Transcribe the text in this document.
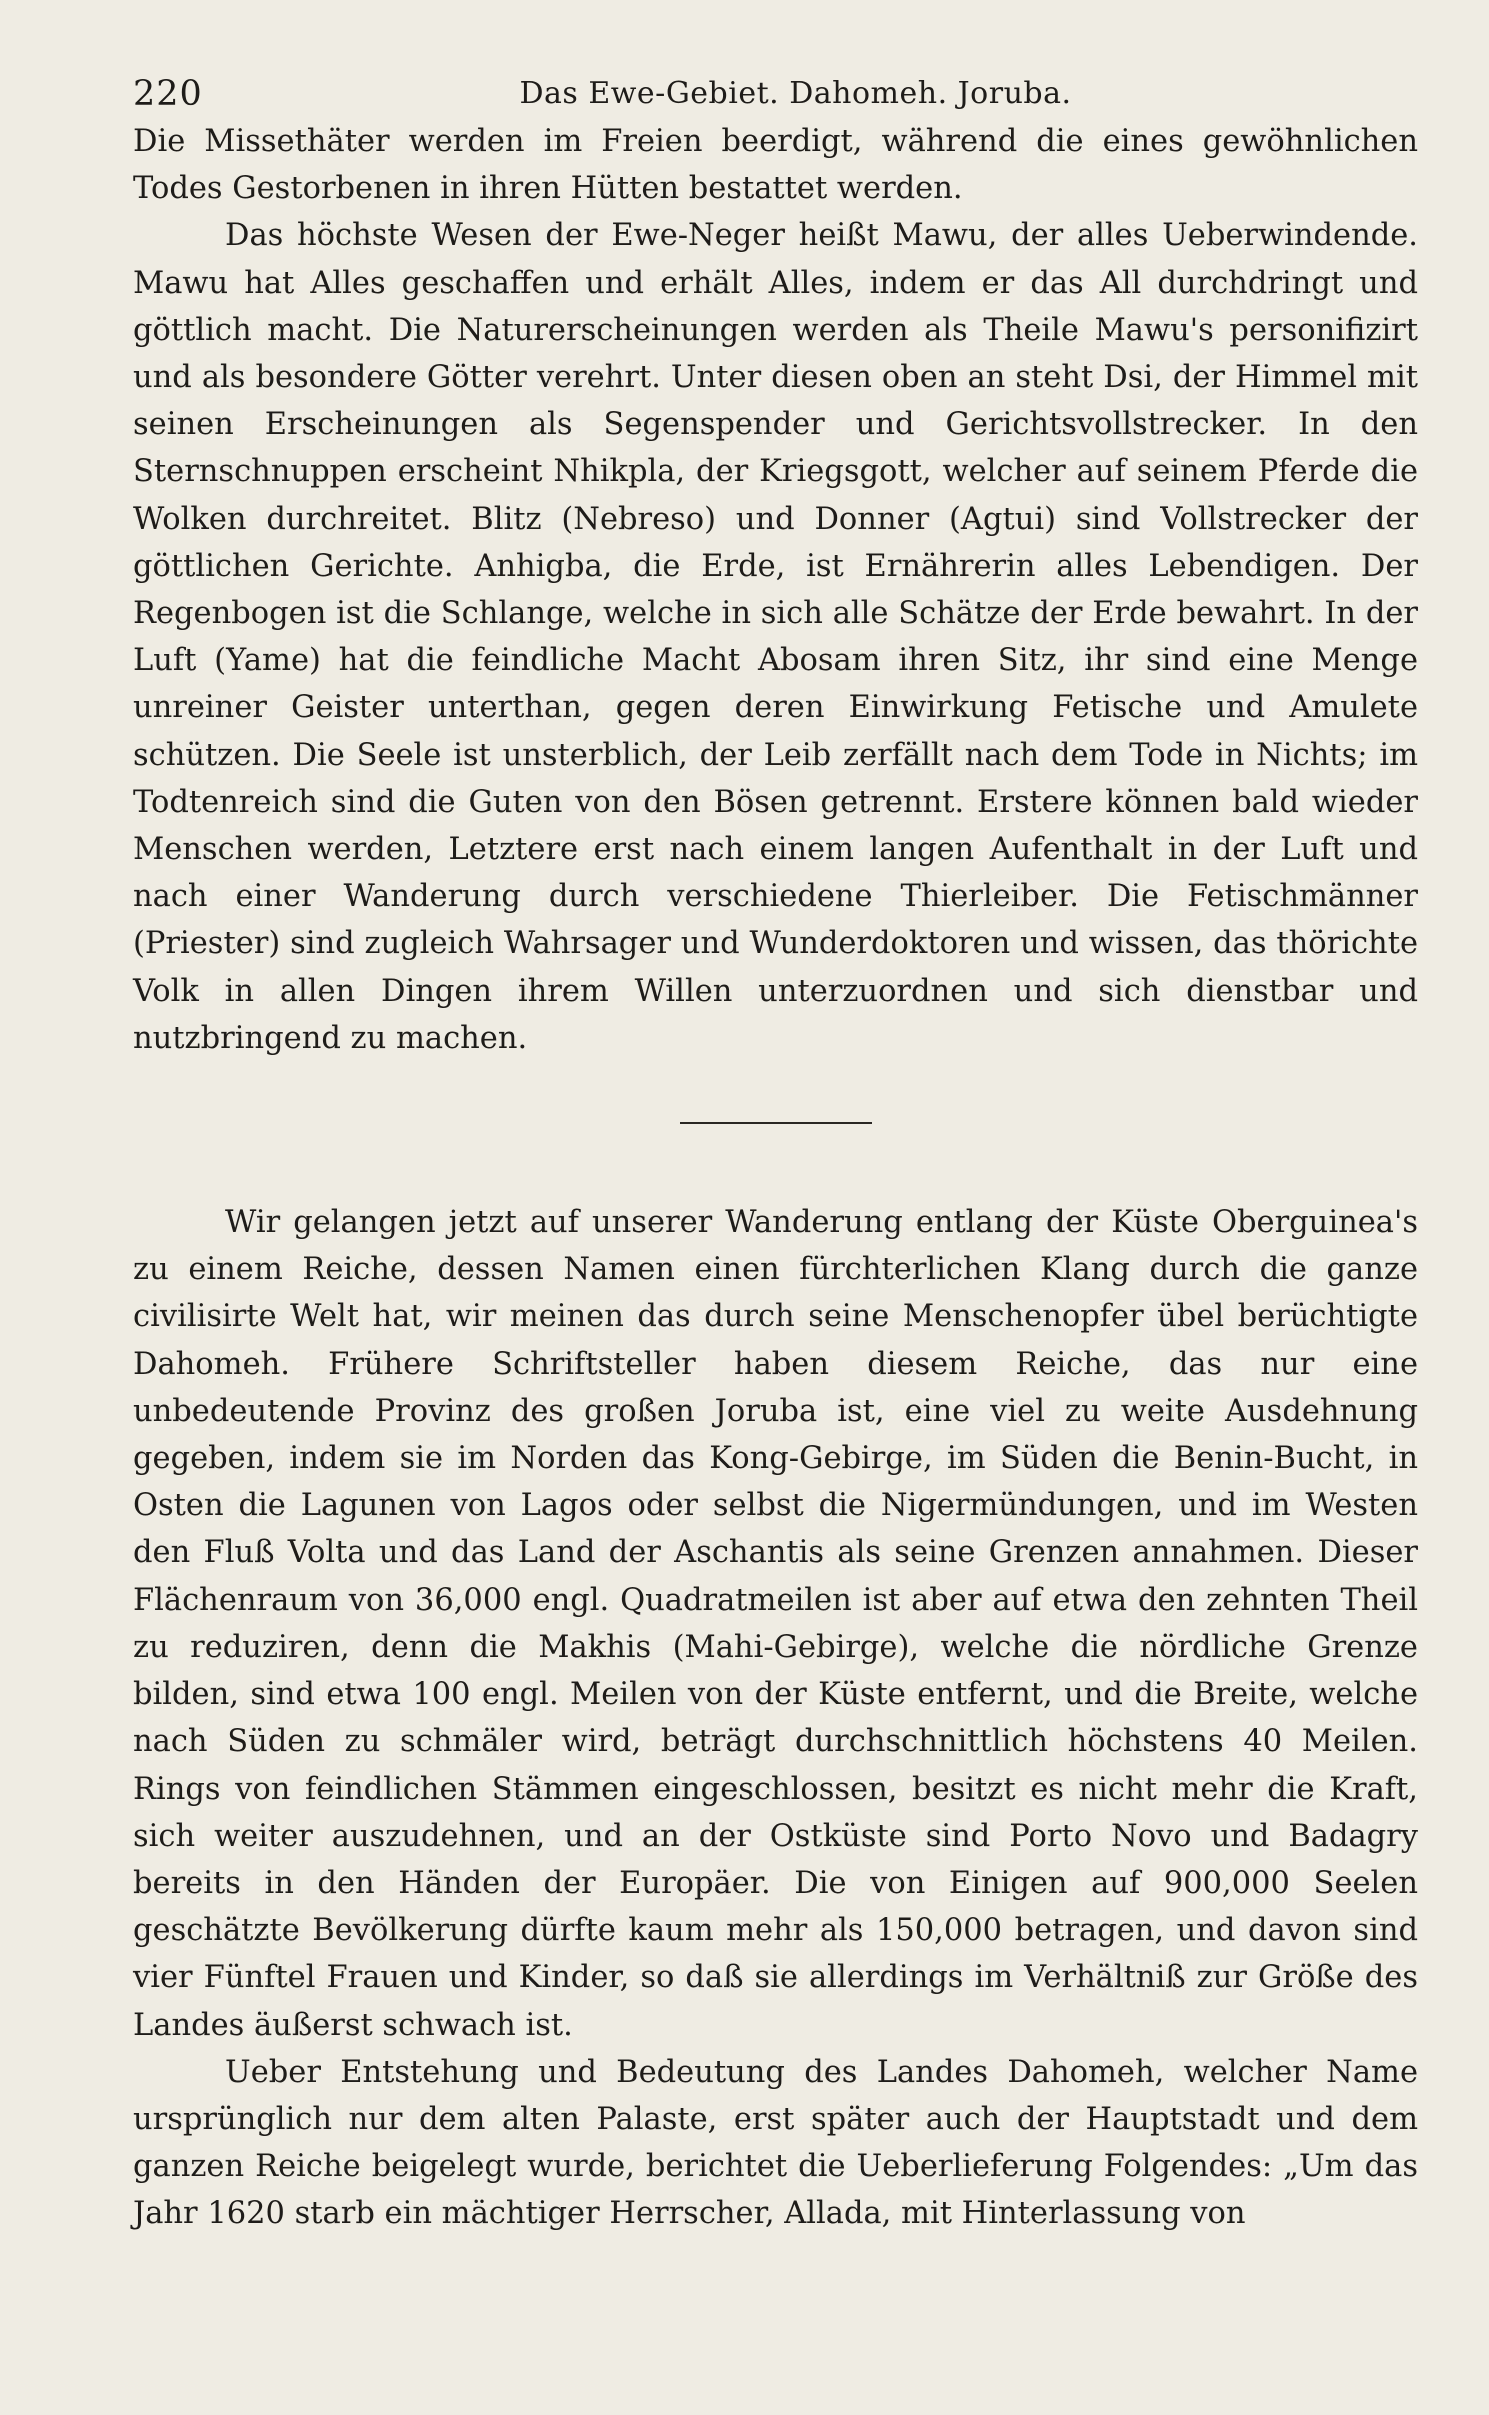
220	Das Ewe-Gebiet. Dahomeh. Joruba.

Die Missethäter werden im Freien beerdigt, während die eines gewöhnlichen Todes Gestorbenen in ihren Hütten bestattet werden.

Das höchste Wesen der Ewe-Neger heißt Mawu, der alles Ueberwindende. Mawu hat Alles geschaffen und erhält Alles, indem er das All durchdringt und göttlich macht. Die Naturerscheinungen werden als Theile Mawu's personifizirt und als besondere Götter verehrt. Unter diesen oben an steht Dsi, der Himmel mit seinen Erscheinungen als Segenspender und Gerichtsvollstrecker. In den Sternschnuppen erscheint Nhikpla, der Kriegsgott, welcher auf seinem Pferde die Wolken durchreitet. Blitz (Nebreso) und Donner (Agtui) sind Vollstrecker der göttlichen Gerichte. Anhigba, die Erde, ist Ernährerin alles Lebendigen. Der Regenbogen ist die Schlange, welche in sich alle Schätze der Erde bewahrt. In der Luft (Yame) hat die feindliche Macht Abosam ihren Sitz, ihr sind eine Menge unreiner Geister unterthan, gegen deren Einwirkung Fetische und Amulete schützen. Die Seele ist unsterblich, der Leib zerfällt nach dem Tode in Nichts; im Todtenreich sind die Guten von den Bösen getrennt. Erstere können bald wieder Menschen werden, Letztere erst nach einem langen Aufenthalt in der Luft und nach einer Wanderung durch verschiedene Thierleiber. Die Fetischmänner (Priester) sind zugleich Wahrsager und Wunderdoktoren und wissen, das thörichte Volk in allen Dingen ihrem Willen unterzuordnen und sich dienstbar und nutzbringend zu machen.

Wir gelangen jetzt auf unserer Wanderung entlang der Küste Oberguinea's zu einem Reiche, dessen Namen einen fürchterlichen Klang durch die ganze civilisirte Welt hat, wir meinen das durch seine Menschenopfer übel berüchtigte Dahomeh. Frühere Schriftsteller haben diesem Reiche, das nur eine unbedeutende Provinz des großen Joruba ist, eine viel zu weite Ausdehnung gegeben, indem sie im Norden das Kong-Gebirge, im Süden die Benin-Bucht, in Osten die Lagunen von Lagos oder selbst die Nigermündungen, und im Westen den Fluß Volta und das Land der Aschantis als seine Grenzen annahmen. Dieser Flächenraum von 36,000 engl. Quadratmeilen ist aber auf etwa den zehnten Theil zu reduziren, denn die Makhis (Mahi-Gebirge), welche die nördliche Grenze bilden, sind etwa 100 engl. Meilen von der Küste entfernt, und die Breite, welche nach Süden zu schmäler wird, beträgt durchschnittlich höchstens 40 Meilen. Rings von feindlichen Stämmen eingeschlossen, besitzt es nicht mehr die Kraft, sich weiter auszudehnen, und an der Ostküste sind Porto Novo und Badagry bereits in den Händen der Europäer. Die von Einigen auf 900,000 Seelen geschätzte Bevölkerung dürfte kaum mehr als 150,000 betragen, und davon sind vier Fünftel Frauen und Kinder, so daß sie allerdings im Verhältniß zur Größe des Landes äußerst schwach ist.

Ueber Entstehung und Bedeutung des Landes Dahomeh, welcher Name ursprünglich nur dem alten Palaste, erst später auch der Hauptstadt und dem ganzen Reiche beigelegt wurde, berichtet die Ueberlieferung Folgendes: „Um das Jahr 1620 starb ein mächtiger Herrscher, Allada, mit Hinterlassung von
